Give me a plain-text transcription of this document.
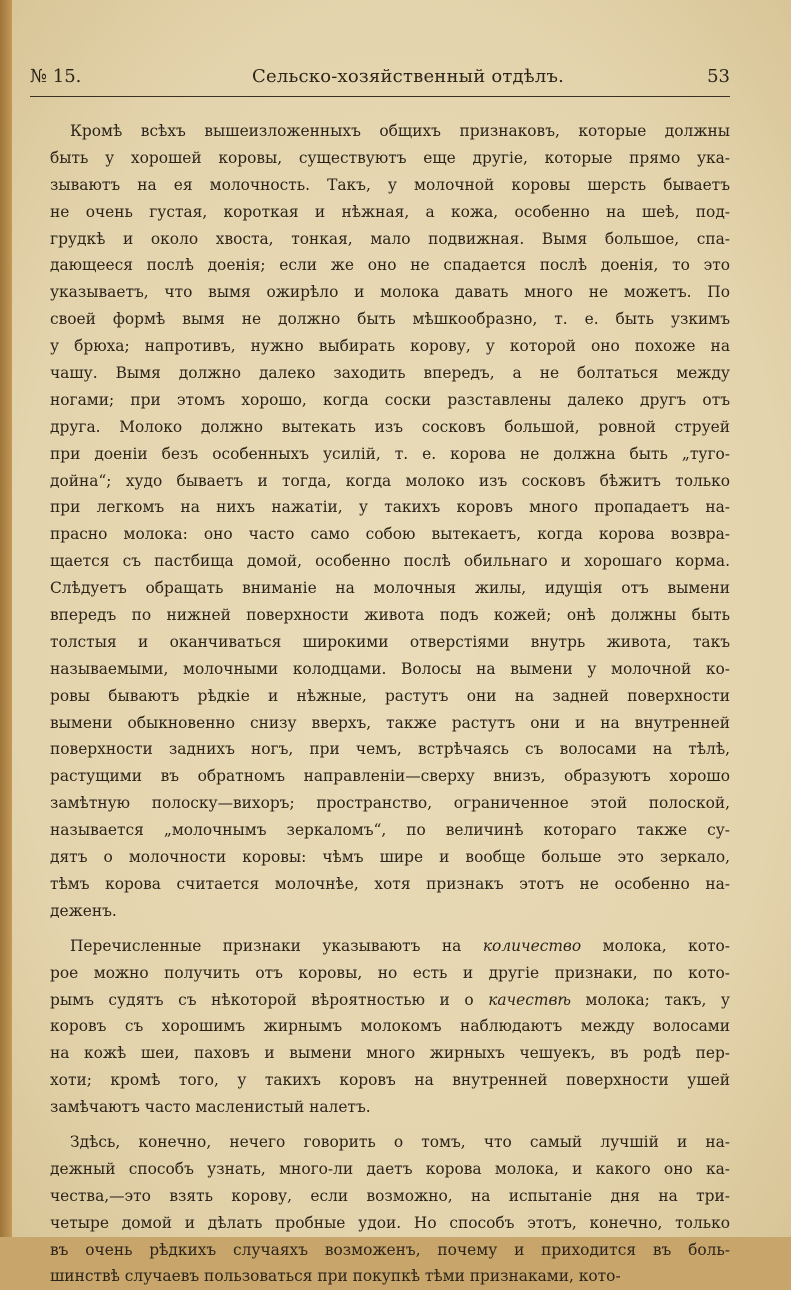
№ 15.	Сельско-хозяйственный отдѣлъ.	53
Кромѣ всѣхъ вышеизложенныхъ общихъ признаковъ, которые должны
быть у хорошей коровы, существуютъ еще другіе, которые прямо ука-
зываютъ на ея молочность. Такъ, у молочной коровы шерсть бываетъ
не очень густая, короткая и нѣжная, а кожа, особенно на шеѣ, под-
грудкѣ и около хвоста, тонкая, мало подвижная. Вымя большое, спа-
дающееся послѣ доенія; если же оно не спадается послѣ доенія, то это
указываетъ, что вымя ожирѣло и молока давать много не можетъ. По
своей формѣ вымя не должно быть мѣшкообразно, т. е. быть узкимъ
у брюха; напротивъ, нужно выбирать корову, у которой оно похоже на
чашу. Вымя должно далеко заходить впередъ, а не болтаться между
ногами; при этомъ хорошо, когда соски разставлены далеко другъ отъ
друга. Молоко должно вытекать изъ сосковъ большой, ровной струей
при доеніи безъ особенныхъ усилій, т. е. корова не должна быть „туго-
дойна“; худо бываетъ и тогда, когда молоко изъ сосковъ бѣжитъ только
при легкомъ на нихъ нажатіи, у такихъ коровъ много пропадаетъ на-
прасно молока: оно часто само собою вытекаетъ, когда корова возвра-
щается съ пастбища домой, особенно послѣ обильнаго и хорошаго корма.
Слѣдуетъ обращать вниманіе на молочныя жилы, идущія отъ вымени
впередъ по нижней поверхности живота подъ кожей; онѣ должны быть
толстыя и оканчиваться широкими отверстіями внутрь живота, такъ
называемыми, молочными колодцами. Волосы на вымени у молочной ко-
ровы бываютъ рѣдкіе и нѣжные, растутъ они на задней поверхности
вымени обыкновенно снизу вверхъ, также растутъ они и на внутренней
поверхности заднихъ ногъ, при чемъ, встрѣчаясь съ волосами на тѣлѣ,
растущими въ обратномъ направленіи—сверху внизъ, образуютъ хорошо
замѣтную полоску—вихоръ; пространство, ограниченное этой полоской,
называется „молочнымъ зеркаломъ“, по величинѣ котораго также су-
дятъ о молочности коровы: чѣмъ шире и вообще больше это зеркало,
тѣмъ корова считается молочнѣе, хотя признакъ этотъ не особенно на-
деженъ.
Перечисленные признаки указываютъ на количество молока, кото-
рое можно получить отъ коровы, но есть и другіе признаки, по кото-
рымъ судятъ съ нѣкоторой вѣроятностью и о качествѣ молока; такъ, у
коровъ съ хорошимъ жирнымъ молокомъ наблюдаютъ между волосами
на кожѣ шеи, паховъ и вымени много жирныхъ чешуекъ, въ родѣ пер-
хоти; кромѣ того, у такихъ коровъ на внутренней поверхности ушей
замѣчаютъ часто масленистый налетъ.
Здѣсь, конечно, нечего говорить о томъ, что самый лучшій и на-
дежный способъ узнать, много-ли даетъ корова молока, и какого оно ка-
чества,—это взять корову, если возможно, на испытаніе дня на три-
четыре домой и дѣлать пробные удои. Но способъ этотъ, конечно, только
въ очень рѣдкихъ случаяхъ возможенъ, почему и приходится въ боль-
шинствѣ случаевъ пользоваться при покупкѣ тѣми признаками, кото-
